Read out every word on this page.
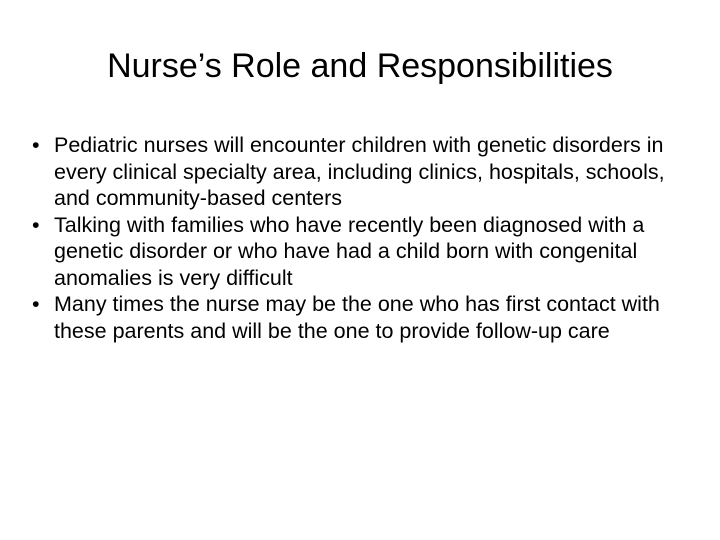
Nurse’s Role and Responsibilities
• Pediatric nurses will encounter children with genetic disorders in every clinical specialty area, including clinics, hospitals, schools, and community-based centers
• Talking with families who have recently been diagnosed with a genetic disorder or who have had a child born with congenital anomalies is very difficult
• Many times the nurse may be the one who has first contact with these parents and will be the one to provide follow-up care
